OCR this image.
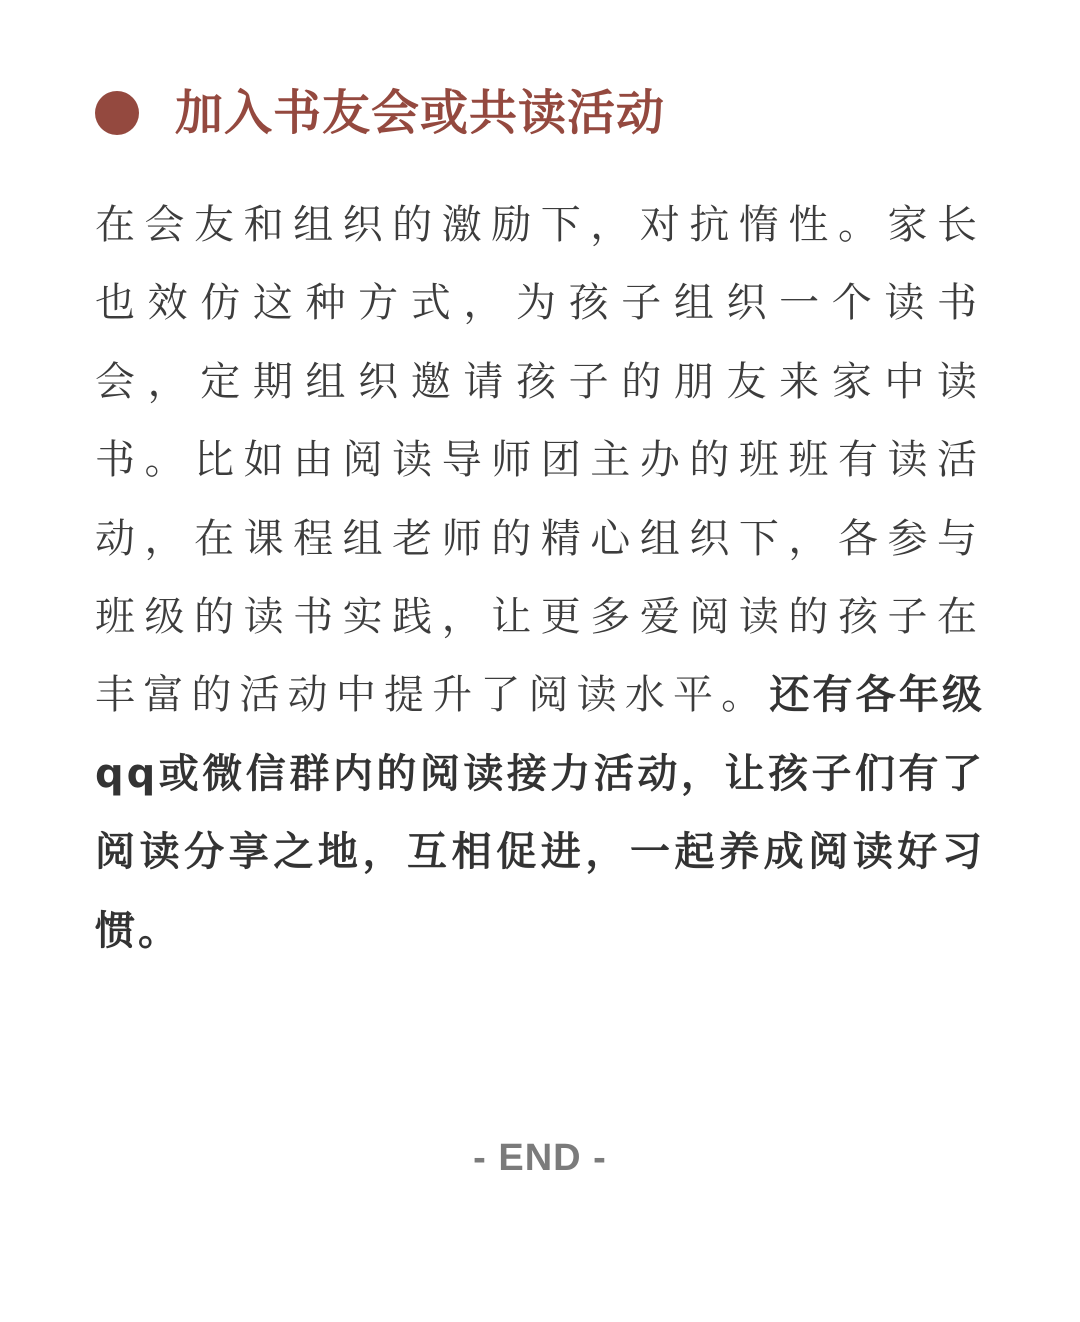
加入书友会或共读活动

在会友和组织的激励下，对抗惰性。家长也效仿这种方式，为孩子组织一个读书会，定期组织邀请孩子的朋友来家中读书。比如由阅读导师团主办的班班有读活动，在课程组老师的精心组织下，各参与班级的读书实践，让更多爱阅读的孩子在丰富的活动中提升了阅读水平。还有各年级qq或微信群内的阅读接力活动，让孩子们有了阅读分享之地，互相促进，一起养成阅读好习惯。

- END -
